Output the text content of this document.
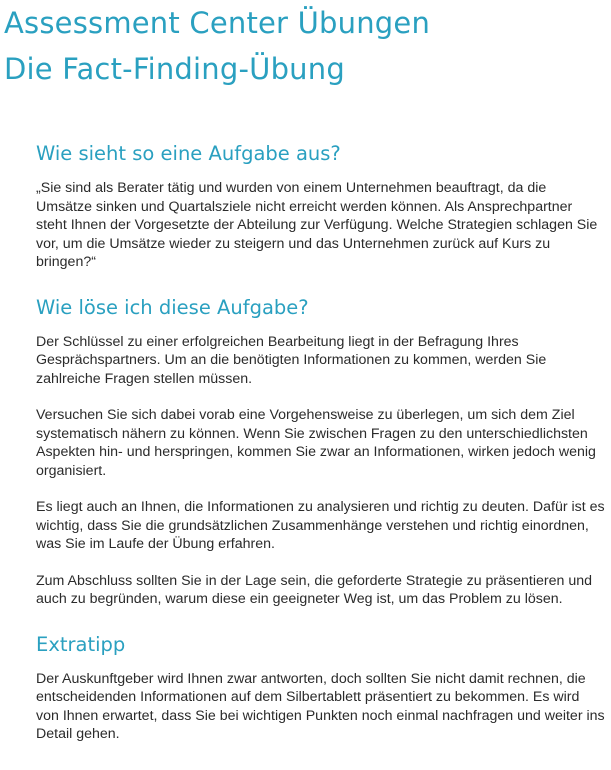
Assessment Center Übungen
Die Fact-Finding-Übung
Wie sieht so eine Aufgabe aus?

„Sie sind als Berater tätig und wurden von einem Unternehmen beauftragt, da die Umsätze sinken und Quartalsziele nicht erreicht werden können. Als Ansprechpartner steht Ihnen der Vorgesetzte der Abteilung zur Verfügung. Welche Strategien schlagen Sie vor, um die Umsätze wieder zu steigern und das Unternehmen zurück auf Kurs zu bringen?“

Wie löse ich diese Aufgabe?

Der Schlüssel zu einer erfolgreichen Bearbeitung liegt in der Befragung Ihres Gesprächspartners. Um an die benötigten Informationen zu kommen, werden Sie zahlreiche Fragen stellen müssen.

Versuchen Sie sich dabei vorab eine Vorgehensweise zu überlegen, um sich dem Ziel systematisch nähern zu können. Wenn Sie zwischen Fragen zu den unterschiedlichsten Aspekten hin- und herspringen, kommen Sie zwar an Informationen, wirken jedoch wenig organisiert.

Es liegt auch an Ihnen, die Informationen zu analysieren und richtig zu deuten. Dafür ist es wichtig, dass Sie die grundsätzlichen Zusammenhänge verstehen und richtig einordnen, was Sie im Laufe der Übung erfahren.

Zum Abschluss sollten Sie in der Lage sein, die geforderte Strategie zu präsentieren und auch zu begründen, warum diese ein geeigneter Weg ist, um das Problem zu lösen.

Extratipp

Der Auskunftgeber wird Ihnen zwar antworten, doch sollten Sie nicht damit rechnen, die entscheidenden Informationen auf dem Silbertablett präsentiert zu bekommen. Es wird von Ihnen erwartet, dass Sie bei wichtigen Punkten noch einmal nachfragen und weiter ins Detail gehen.
